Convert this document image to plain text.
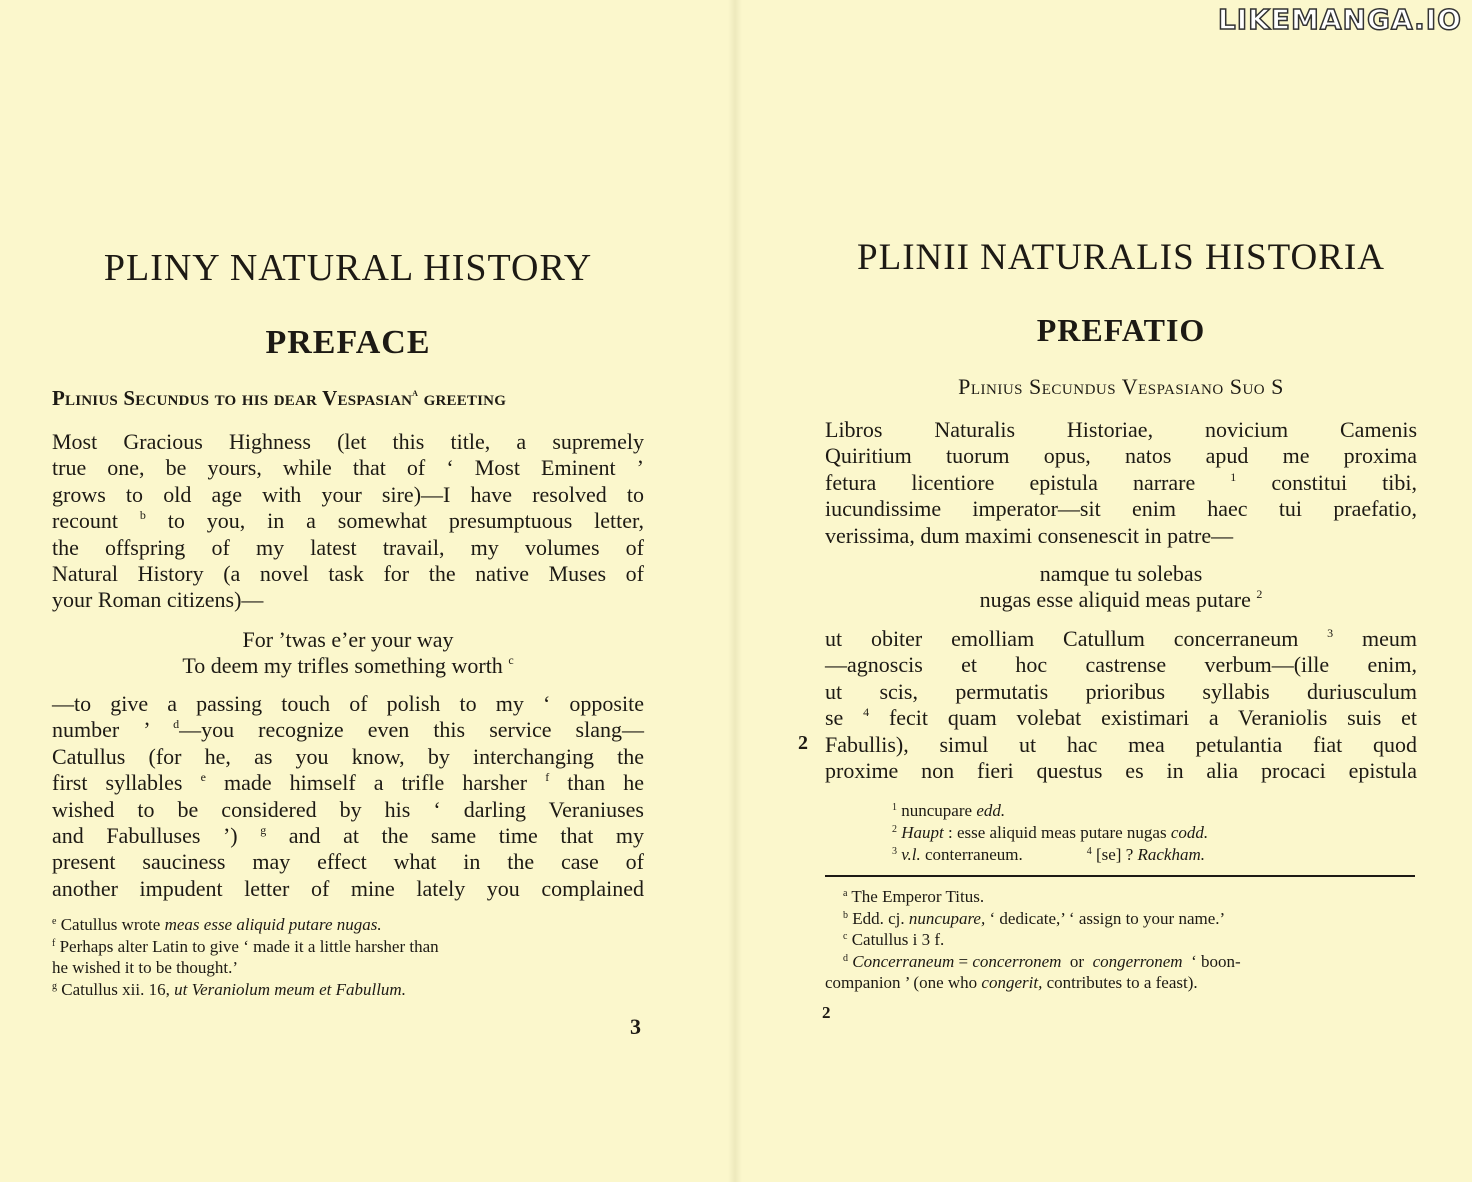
LIKEMANGA.IO
PLINY NATURAL HISTORY
PREFACE

Plinius Secundus to his dear Vespasian$^a$ greeting

Most Gracious Highness (let this title, a supremely
true one, be yours, while that of ‘ Most Eminent ’
grows to old age with your sire)—I have resolved to
recount $^b$ to you, in a somewhat presumptuous letter,
the offspring of my latest travail, my volumes of
Natural History (a novel task for the native Muses of
your Roman citizens)—

For ’twas e’er your way
To deem my trifles something worth $^c$

—to give a passing touch of polish to my ‘ opposite
number ’ $^d$—you recognize even this service slang—
Catullus (for he, as you know, by interchanging the
first syllables $^e$ made himself a trifle harsher $^f$ than he
wished to be considered by his ‘ darling Veraniuses
and Fabulluses ’) $^g$ and at the same time that my
present sauciness may effect what in the case of
another impudent letter of mine lately you complained

$^e$ Catullus wrote meas esse aliquid putare nugas.
$^f$ Perhaps alter Latin to give ‘ made it a little harsher than
he wished it to be thought.’
$^g$ Catullus xii. 16, ut Veraniolum meum et Fabullum.
3
PLINII NATURALIS HISTORIA
PREFATIO

Plinius Secundus Vespasiano Suo S

Libros Naturalis Historiae, novicium Camenis
Quiritium tuorum opus, natos apud me proxima
fetura licentiore epistula narrare $^1$ constitui tibi,
iucundissime imperator—sit enim haec tui praefatio,
verissima, dum maximi consenescit in patre—

namque tu solebas
nugas esse aliquid meas putare $^2$

ut obiter emolliam Catullum concerraneum $^3$ meum
—agnoscis et hoc castrense verbum—(ille enim,
ut scis, permutatis prioribus syllabis duriusculum
se $^4$ fecit quam volebat existimari a Veraniolis suis et
Fabullis), simul ut hac mea petulantia fiat quod
proxime non fieri questus es in alia procaci epistula

2
$^1$ nuncupare edd.
$^2$ Haupt : esse aliquid meas putare nugas codd.
$^3$ v.l. conterraneum.	$^4$ [se] ? Rackham.
$^a$ The Emperor Titus.
$^b$ Edd. cj. nuncupare, ‘ dedicate,’ ‘ assign to your name.’
$^c$ Catullus i 3 f.
$^d$ Concerraneum = concerronem  or  congerronem  ‘ boon-
companion ’ (one who congerit, contributes to a feast).
2
